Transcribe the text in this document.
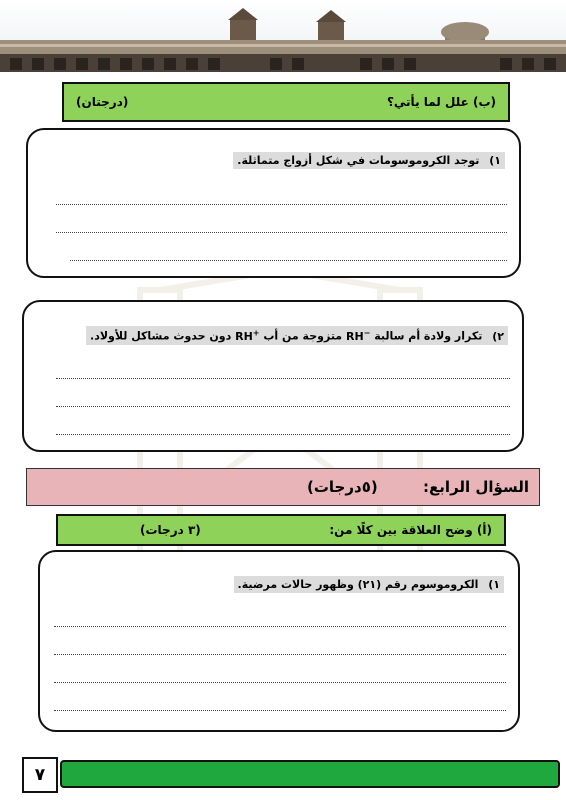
(ب) علل لما يأتي؟
(درجتان)
١) توجد الكروموسومات في شكل أزواج متماثلة.
٢) تكرار ولادة أم سالبة RH− متزوجة من أب RH+ دون حدوث مشاكل للأولاد.
السؤال الرابع:
(٥درجات)
(أ) وضح العلاقة بين كلًا من:
(٣ درجات)
١) الكروموسوم رقم (٢١) وظهور حالات مرضية.
٧
